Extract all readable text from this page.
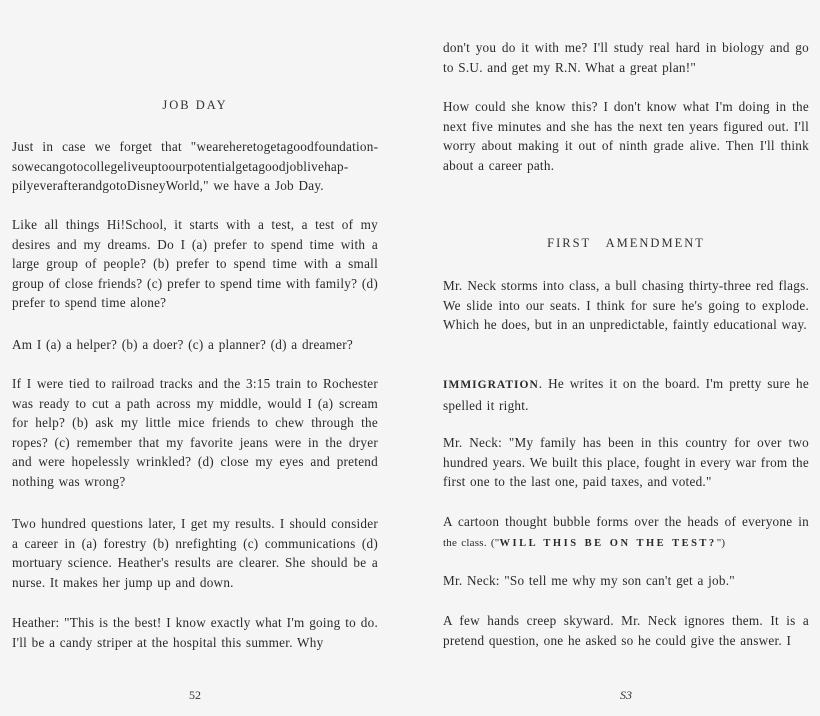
JOB DAY

Just in case we forget that "weareheretogetagoodfoundationsowecangotocollegeliveuptoourpotentialgetagoodjoblivehappilyeverafterandgotoDisneyWorld," we have a Job Day.

Like all things Hi!School, it starts with a test, a test of my desires and my dreams. Do I (a) prefer to spend time with a large group of people? (b) prefer to spend time with a small group of close friends? (c) prefer to spend time with family? (d) prefer to spend time alone?

Am I (a) a helper? (b) a doer? (c) a planner? (d) a dreamer?

If I were tied to railroad tracks and the 3:15 train to Rochester was ready to cut a path across my middle, would I (a) scream for help? (b) ask my little mice friends to chew through the ropes? (c) remember that my favorite jeans were in the dryer and were hopelessly wrinkled? (d) close my eyes and pretend nothing was wrong?

Two hundred questions later, I get my results. I should consider a career in (a) forestry (b) nrefighting (c) communications (d) mortuary science. Heather's results are clearer. She should be a nurse. It makes her jump up and down.

Heather: "This is the best! I know exactly what I'm going to do. I'll be a candy striper at the hospital this summer. Why

52

don't you do it with me? I'll study real hard in biology and go to S.U. and get my R.N. What a great plan!"

How could she know this? I don't know what I'm doing in the next five minutes and she has the next ten years figured out. I'll worry about making it out of ninth grade alive. Then I'll think about a career path.

FIRST   AMENDMENT

Mr. Neck storms into class, a bull chasing thirty-three red flags. We slide into our seats. I think for sure he's going to explode. Which he does, but in an unpredictable, faintly educational way.

IMMIGRATION. He writes it on the board. I'm pretty sure he spelled it right.

Mr. Neck: "My family has been in this country for over two hundred years. We built this place, fought in every war from the first one to the last one, paid taxes, and voted."

A cartoon thought bubble forms over the heads of everyone in the class. ("WILL THIS BE ON THE TEST?")

Mr. Neck: "So tell me why my son can't get a job."

A few hands creep skyward. Mr. Neck ignores them. It is a pretend question, one he asked so he could give the answer. I

S3
